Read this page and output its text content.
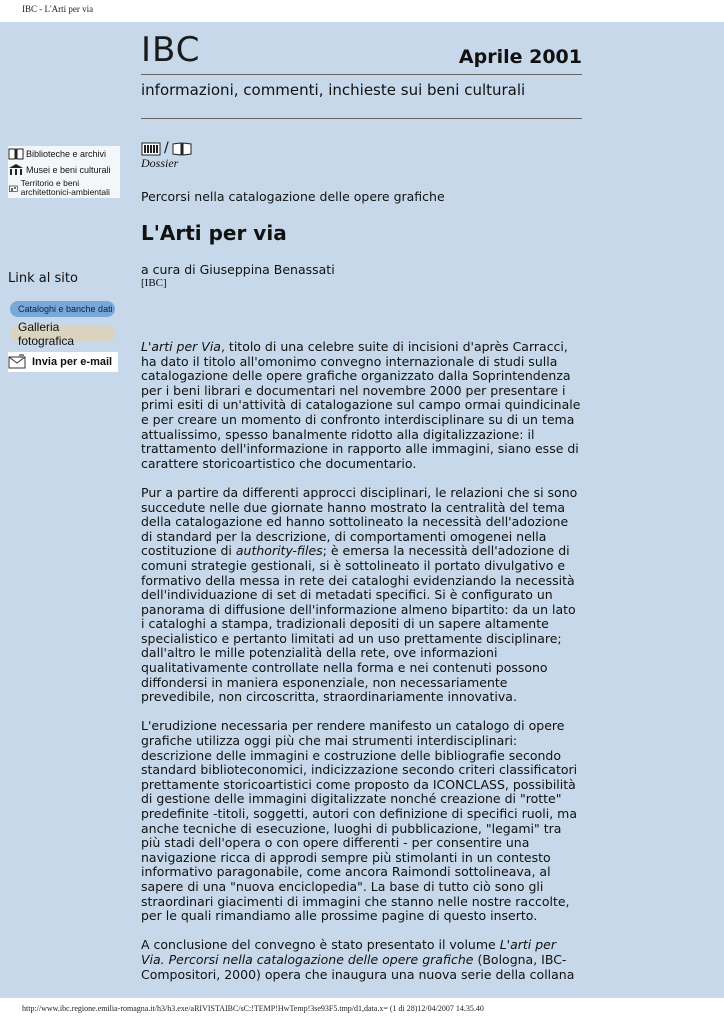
IBC - L'Arti per via
IBC	Aprile 2001
informazioni, commenti, inchieste sui beni culturali
Biblioteche e archivi
Musei e beni culturali
Territorio e beni architettonici-ambientali
Link al sito
Cataloghi e banche dati
Galleria fotografica
Invia per e-mail
/
Dossier
Percorsi nella catalogazione delle opere grafiche
L'Arti per via
a cura di Giuseppina Benassati
[IBC]

L'arti per Via, titolo di una celebre suite di incisioni d'après Carracci, ha dato il titolo all'omonimo convegno internazionale di studi sulla catalogazione delle opere grafiche organizzato dalla Soprintendenza per i beni librari e documentari nel novembre 2000 per presentare i primi esiti di un'attività di catalogazione sul campo ormai quindicinale e per creare un momento di confronto interdisciplinare su di un tema attualissimo, spesso banalmente ridotto alla digitalizzazione: il trattamento dell'informazione in rapporto alle immagini, siano esse di carattere storicoartistico che documentario.

Pur a partire da differenti approcci disciplinari, le relazioni che si sono succedute nelle due giornate hanno mostrato la centralità del tema della catalogazione ed hanno sottolineato la necessità dell'adozione di standard per la descrizione, di comportamenti omogenei nella costituzione di authority-files; è emersa la necessità dell'adozione di comuni strategie gestionali, si è sottolineato il portato divulgativo e formativo della messa in rete dei cataloghi evidenziando la necessità dell'individuazione di set di metadati specifici. Si è configurato un panorama di diffusione dell'informazione almeno bipartito: da un lato i cataloghi a stampa, tradizionali depositi di un sapere altamente specialistico e pertanto limitati ad un uso prettamente disciplinare; dall'altro le mille potenzialità della rete, ove informazioni qualitativamente controllate nella forma e nei contenuti possono diffondersi in maniera esponenziale, non necessariamente prevedibile, non circoscritta, straordinariamente innovativa.

L'erudizione necessaria per rendere manifesto un catalogo di opere grafiche utilizza oggi più che mai strumenti interdisciplinari: descrizione delle immagini e costruzione delle bibliografie secondo standard biblioteconomici, indicizzazione secondo criteri classificatori prettamente storicoartistici come proposto da ICONCLASS, possibilità di gestione delle immagini digitalizzate nonché creazione di "rotte" predefinite -titoli, soggetti, autori con definizione di specifici ruoli, ma anche tecniche di esecuzione, luoghi di pubblicazione, "legami" tra più stadi dell'opera o con opere differenti - per consentire una navigazione ricca di approdi sempre più stimolanti in un contesto informativo paragonabile, come ancora Raimondi sottolineava, al sapere di una "nuova enciclopedia". La base di tutto ciò sono gli straordinari giacimenti di immagini che stanno nelle nostre raccolte, per le quali rimandiamo alle prossime pagine di questo inserto.

A conclusione del convegno è stato presentato il volume L'arti per Via. Percorsi nella catalogazione delle opere grafiche (Bologna, IBC-Compositori, 2000) opera che inaugura una nuova serie della collana

http://www.ibc.regione.emilia-romagna.it/h3/h3.exe/aRIVISTAIBC/sC:!TEMP!HwTemp!3se93F5.tmp/d1,data.x= (1 di 28)12/04/2007 14.35.40
